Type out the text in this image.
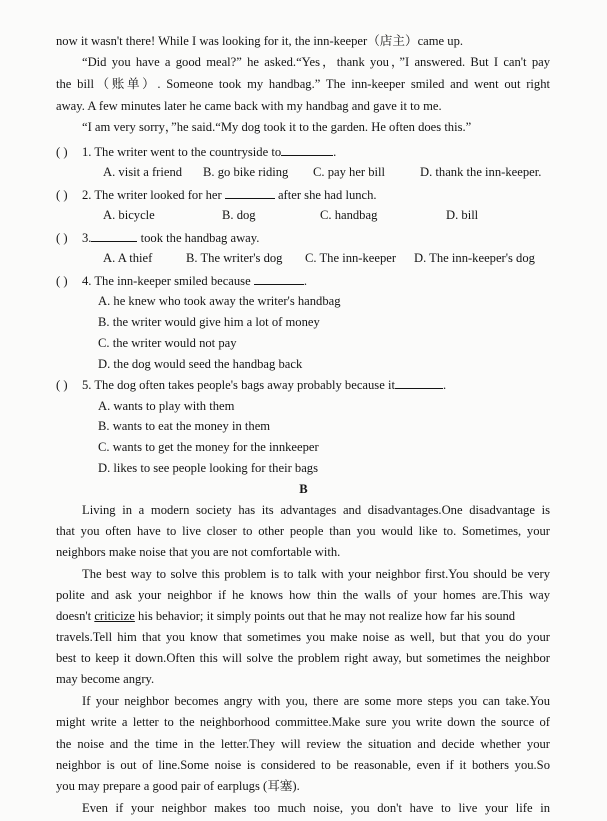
now it wasn't there! While I was looking for it, the inn-keeper（店主）came up.
“Did you have a good meal?” he asked.“Yes，thank you，”I answered. But I can't pay
the bill（账单）. Someone took my handbag.” The inn-keeper smiled and went out right
away. A few minutes later he came back with my handbag and gave it to me.
“I am very sorry，”he said.“My dog took it to the garden. He often does this.”
( ) 1. The writer went to the countryside to	.
A. visit a friend B. go bike riding C. pay her bill	D. thank the inn-keeper.
( ) 2. The writer looked for her	after she had lunch.
A. bicycle	B. dog	C. handbag	D. bill
( ) 3.	took the handbag away.
A. A thief	B. The writer's dog C. The inn-keeper D. The inn-keeper's dog
( ) 4. The inn-keeper smiled because	.
A. he knew who took away the writer's handbag
B. the writer would give him a lot of money
C. the writer would not pay
D. the dog would seed the handbag back
( ) 5. The dog often takes people's bags away probably because it	.
A. wants to play with them
B. wants to eat the money in them
C. wants to get the money for the innkeeper
D. likes to see people looking for their bags
B
Living in a modern society has its advantages and disadvantages.One disadvantage is
that you often have to live closer to other people than you would like to. Sometimes, your
neighbors make noise that you are not comfortable with.
The best way to solve this problem is to talk with your neighbor first.You should be very
polite and ask your neighbor if he knows how thin the walls of your homes are.This way
doesn't criticize his behavior; it simply points out that he may not realize how far his sound
travels.Tell him that you know that sometimes you make noise as well, but that you do your
best to keep it down.Often this will solve the problem right away, but sometimes the neighbor
may become angry.
If your neighbor becomes angry with you, there are some more steps you can take.You
might write a letter to the neighborhood committee.Make sure you write down the source of
the noise and the time in the letter.They will review the situation and decide whether your
neighbor is out of line.Some noise is considered to be reasonable, even if it bothers you.So
you may prepare a good pair of earplugs (耳塞).
Even if your neighbor makes too much noise, you don't have to live your life in
